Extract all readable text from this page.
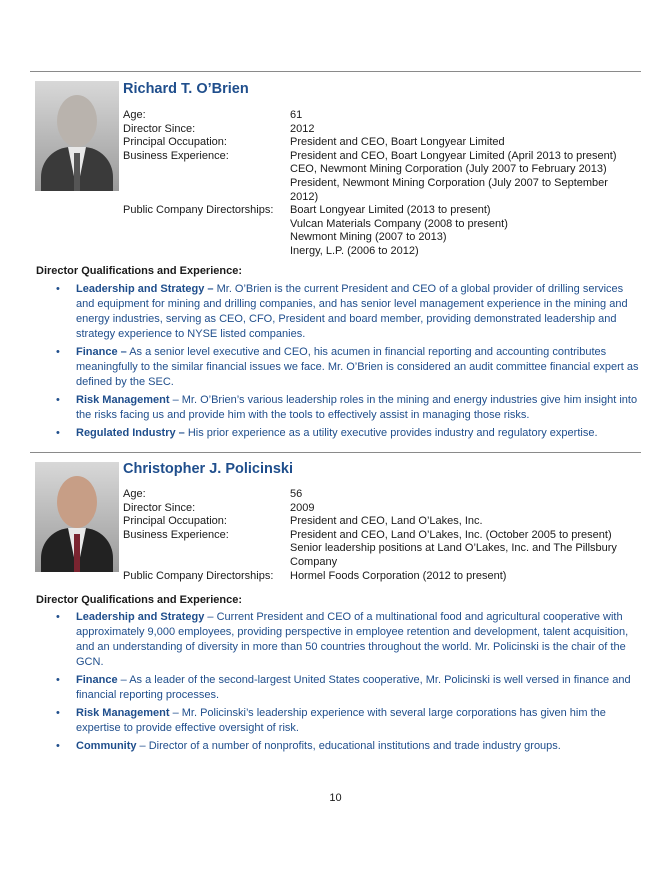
Richard T. O’Brien
Age:	61
Director Since:	2012
Principal Occupation:	President and CEO, Boart Longyear Limited
Business Experience:	President and CEO, Boart Longyear Limited (April 2013 to present)
CEO, Newmont Mining Corporation (July 2007 to February 2013)
President, Newmont Mining Corporation (July 2007 to September 2012)
Public Company Directorships:	Boart Longyear Limited (2013 to present)
Vulcan Materials Company (2008 to present)
Newmont Mining (2007 to 2013)
Inergy, L.P. (2006 to 2012)
Director Qualifications and Experience:
•	Leadership and Strategy – Mr. O’Brien is the current President and CEO of a global provider of drilling services and equipment for mining and drilling companies, and has senior level management experience in the mining and energy industries, serving as CEO, CFO, President and board member, providing demonstrated leadership and strategy experience to NYSE listed companies.
•	Finance – As a senior level executive and CEO, his acumen in financial reporting and accounting contributes meaningfully to the similar financial issues we face. Mr. O’Brien is considered an audit committee financial expert as defined by the SEC.
•	Risk Management – Mr. O’Brien’s various leadership roles in the mining and energy industries give him insight into the risks facing us and provide him with the tools to effectively assist in managing those risks.
•	Regulated Industry – His prior experience as a utility executive provides industry and regulatory expertise.
Christopher J. Policinski
Age:	56
Director Since:	2009
Principal Occupation:	President and CEO, Land O’Lakes, Inc.
Business Experience:	President and CEO, Land O’Lakes, Inc. (October 2005 to present)
Senior leadership positions at Land O’Lakes, Inc. and The Pillsbury Company
Public Company Directorships:	Hormel Foods Corporation (2012 to present)
Director Qualifications and Experience:
•	Leadership and Strategy – Current President and CEO of a multinational food and agricultural cooperative with approximately 9,000 employees, providing perspective in employee retention and development, talent acquisition, and an understanding of diversity in more than 50 countries throughout the world. Mr. Policinski is the chair of the GCN.
•	Finance – As a leader of the second-largest United States cooperative, Mr. Policinski is well versed in finance and financial reporting processes.
•	Risk Management – Mr. Policinski’s leadership experience with several large corporations has given him the expertise to provide effective oversight of risk.
•	Community – Director of a number of nonprofits, educational institutions and trade industry groups.
10
